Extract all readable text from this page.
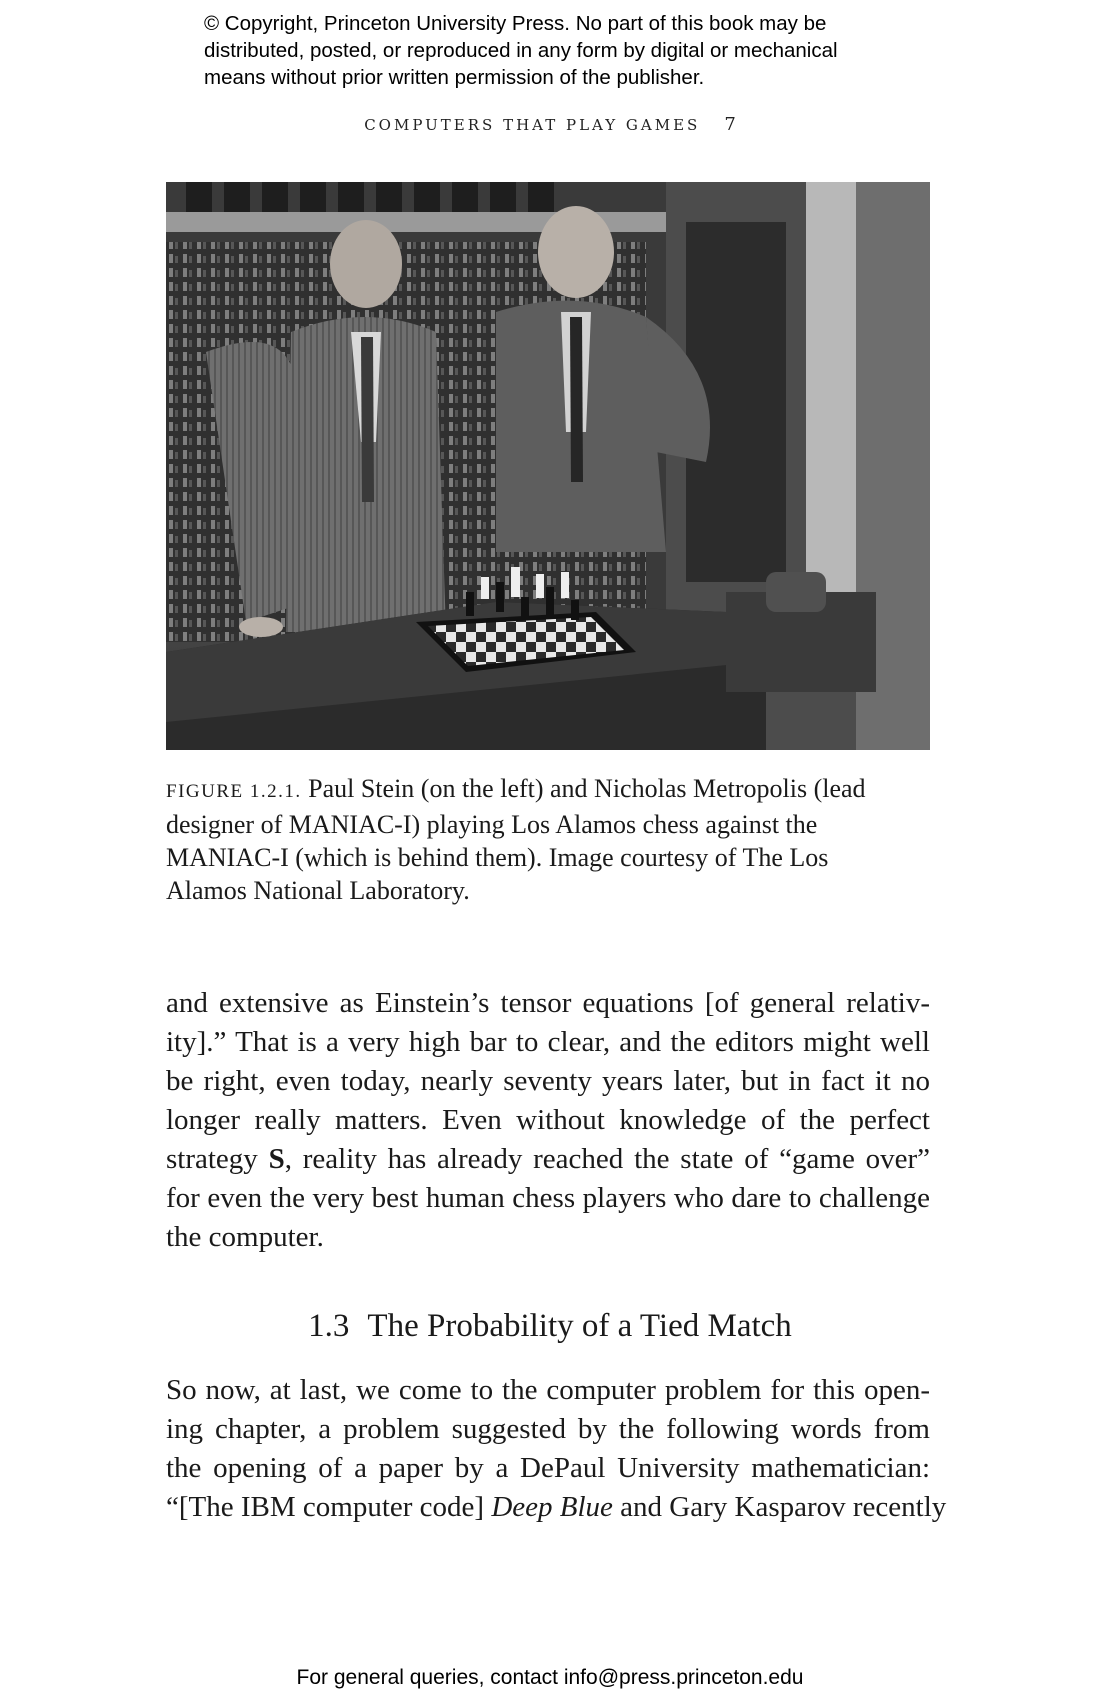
© Copyright, Princeton University Press. No part of this book may be
distributed, posted, or reproduced in any form by digital or mechanical
means without prior written permission of the publisher.
COMPUTERS THAT PLAY GAMES 7
FIGURE 1.2.1. Paul Stein (on the left) and Nicholas Metropolis (lead
designer of MANIAC-I) playing Los Alamos chess against the
MANIAC-I (which is behind them). Image courtesy of The Los
Alamos National Laboratory.
and extensive as Einstein’s tensor equations [of general relativ-
ity].” That is a very high bar to clear, and the editors might well
be right, even today, nearly seventy years later, but in fact it no
longer really matters. Even without knowledge of the perfect
strategy S, reality has already reached the state of “game over”
for even the very best human chess players who dare to challenge
the computer.
1.3 The Probability of a Tied Match
So now, at last, we come to the computer problem for this open-
ing chapter, a problem suggested by the following words from
the opening of a paper by a DePaul University mathematician:
“[The IBM computer code] Deep Blue and Gary Kasparov recently
For general queries, contact info@press.princeton.edu
